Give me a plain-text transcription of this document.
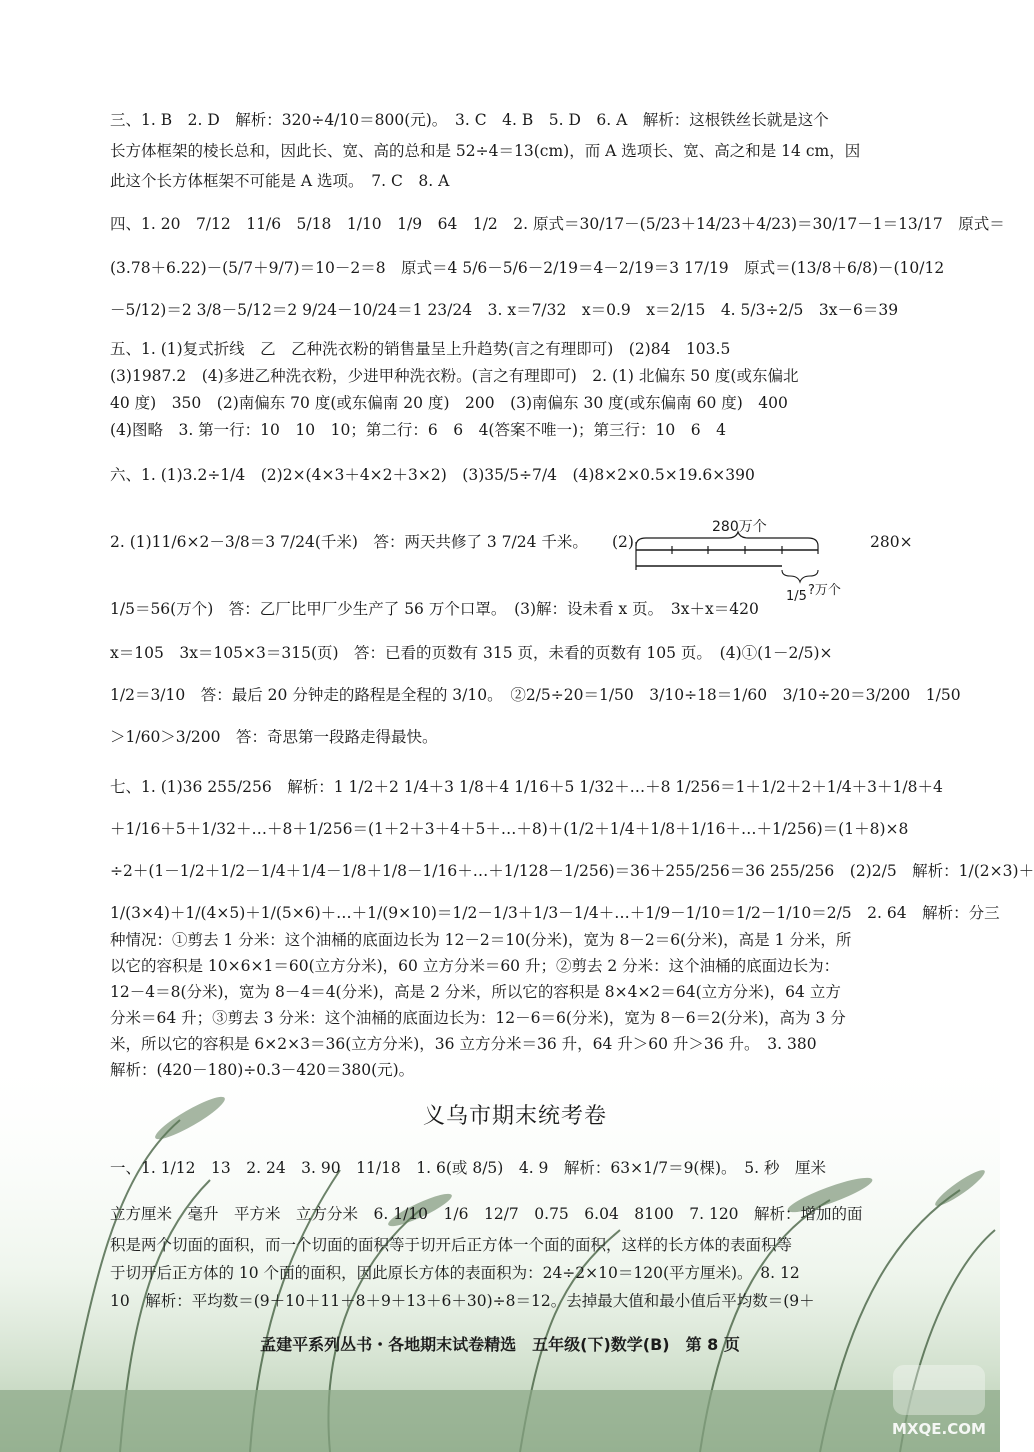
三、1. B　2. D　解析：320÷4/10＝800(元)。　3. C　4. B　5. D　6. A　解析：这根铁丝长就是这个
长方体框架的棱长总和，因此长、宽、高的总和是 52÷4＝13(cm)，而 A 选项长、宽、高之和是 14 cm，因
此这个长方体框架不可能是 A 选项。　7. C　8. A
四、1. 20　7/12　11/6　5/18　1/10　1/9　64　1/2　2. 原式＝30/17－(5/23＋14/23＋4/23)＝30/17－1＝13/17　原式＝
(3.78＋6.22)－(5/7＋9/7)＝10－2＝8　原式＝4 5/6－5/6－2/19＝4－2/19＝3 17/19　原式＝(13/8＋6/8)－(10/12
－5/12)＝2 3/8－5/12＝2 9/24－10/24＝1 23/24　3. x＝7/32　x＝0.9　x＝2/15　4. 5/3÷2/5　3x－6＝39
五、1. (1)复式折线　乙　乙种洗衣粉的销售量呈上升趋势(言之有理即可)　(2)84　103.5
(3)1987.2　(4)多进乙种洗衣粉，少进甲种洗衣粉。(言之有理即可)　2. (1) 北偏东 50 度(或东偏北
40 度)　350　(2)南偏东 70 度(或东偏南 20 度)　200　(3)南偏东 30 度(或东偏南 60 度)　400
(4)图略　3. 第一行：10　10　10；第二行：6　6　4(答案不唯一)；第三行：10　6　4
六、1. (1)3.2÷1/4　(2)2×(4×3＋4×2＋3×2)　(3)35/5÷7/4　(4)8×2×0.5×19.6×390
2. (1)11/6×2－3/8＝3 7/24(千米)　答：两天共修了 3 7/24 千米。	(2)	280×
1/5＝56(万个)　答：乙厂比甲厂少生产了 56 万个口罩。　(3)解：设未看 x 页。　3x＋x＝420
x＝105　3x＝105×3＝315(页)　答：已看的页数有 315 页，未看的页数有 105 页。　(4)①(1－2/5)×
1/2＝3/10　答：最后 20 分钟走的路程是全程的 3/10。　②2/5÷20＝1/50　3/10÷18＝1/60　3/10÷20＝3/200　1/50
＞1/60＞3/200　答：奇思第一段路走得最快。
七、1. (1)36 255/256　解析：1 1/2＋2 1/4＋3 1/8＋4 1/16＋5 1/32＋…＋8 1/256＝1＋1/2＋2＋1/4＋3＋1/8＋4
＋1/16＋5＋1/32＋…＋8＋1/256＝(1＋2＋3＋4＋5＋…＋8)＋(1/2＋1/4＋1/8＋1/16＋…＋1/256)＝(1＋8)×8
÷2＋(1－1/2＋1/2－1/4＋1/4－1/8＋1/8－1/16＋…＋1/128－1/256)＝36＋255/256＝36 255/256　(2)2/5　解析：1/(2×3)＋
1/(3×4)＋1/(4×5)＋1/(5×6)＋…＋1/(9×10)＝1/2－1/3＋1/3－1/4＋…＋1/9－1/10＝1/2－1/10＝2/5　2. 64　解析：分三
种情况：①剪去 1 分米：这个油桶的底面边长为 12－2＝10(分米)，宽为 8－2＝6(分米)，高是 1 分米，所
以它的容积是 10×6×1＝60(立方分米)，60 立方分米＝60 升；②剪去 2 分米：这个油桶的底面边长为：
12－4＝8(分米)，宽为 8－4＝4(分米)，高是 2 分米，所以它的容积是 8×4×2＝64(立方分米)，64 立方
分米＝64 升；③剪去 3 分米：这个油桶的底面边长为：12－6＝6(分米)，宽为 8－6＝2(分米)，高为 3 分
米，所以它的容积是 6×2×3＝36(立方分米)，36 立方分米＝36 升，64 升＞60 升＞36 升。　3. 380
解析：(420－180)÷0.3－420＝380(元)。
义乌市期末统考卷
一、1. 1/12　13　2. 24　3. 90　11/18　1. 6(或 8/5)　4. 9　解析：63×1/7＝9(棵)。　5. 秒　厘米
立方厘米　毫升　平方米　立方分米　6. 1/10　1/6　12/7　0.75　6.04　8100　7. 120　解析：增加的面
积是两个切面的面积，而一个切面的面积等于切开后正方体一个面的面积，这样的长方体的表面积等
于切开后正方体的 10 个面的面积，因此原长方体的表面积为：24÷2×10＝120(平方厘米)。　8. 12
10　解析：平均数＝(9＋10＋11＋8＋9＋13＋6＋30)÷8＝12。去掉最大值和最小值后平均数＝(9＋
280万个
1/5 ?万个
孟建平系列丛书・各地期末试卷精选　五年级(下)数学(B)　第 8 页
MXQE.COM
